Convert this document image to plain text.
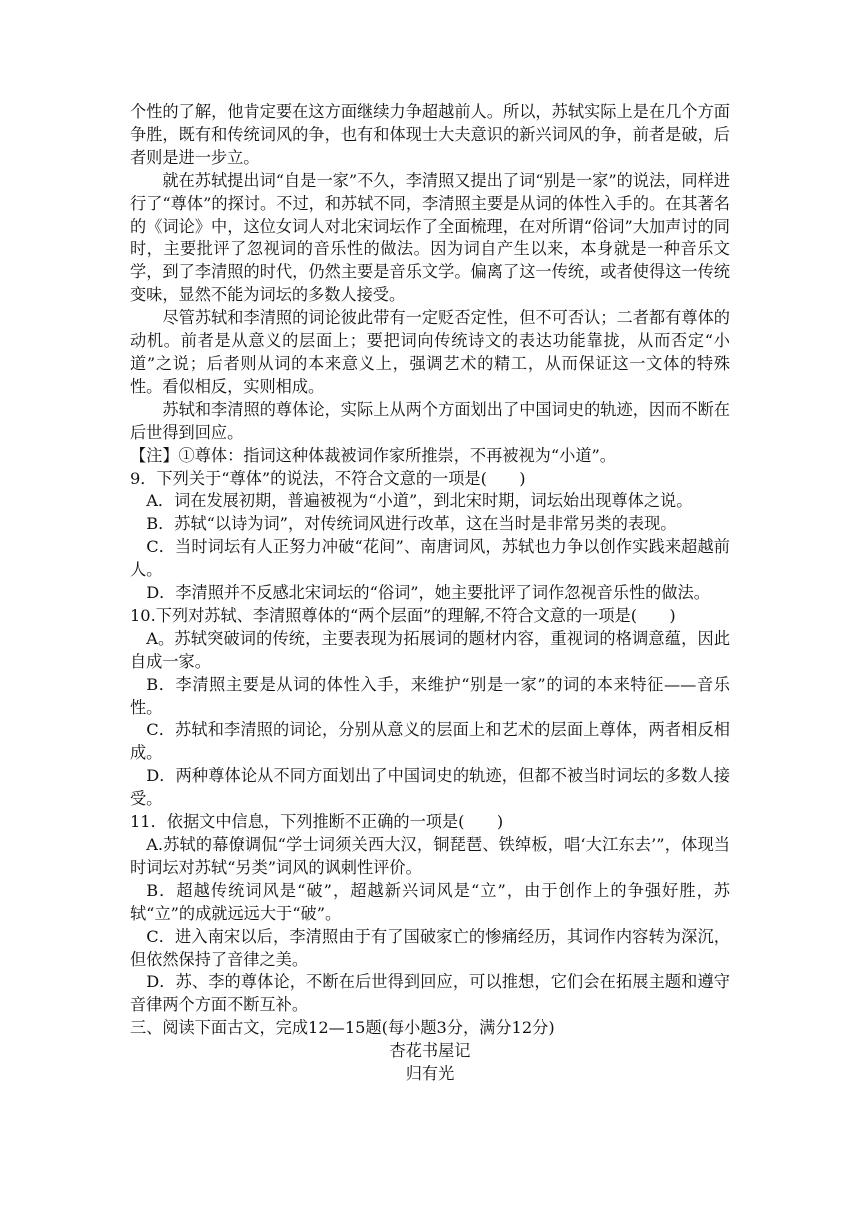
个性的了解，他肯定要在这方面继续力争超越前人。所以，苏轼实际上是在几个方面争胜，既有和传统词风的争，也有和体现士大夫意识的新兴词风的争，前者是破，后者则是进一步立。

就在苏轼提出词“自是一家”不久，李清照又提出了词“别是一家”的说法，同样进行了“尊体”的探讨。不过，和苏轼不同，李清照主要是从词的体性入手的。在其著名的《词论》中，这位女词人对北宋词坛作了全面梳理，在对所谓“俗词”大加声讨的同时，主要批评了忽视词的音乐性的做法。因为词自产生以来，本身就是一种音乐文学，到了李清照的时代，仍然主要是音乐文学。偏离了这一传统，或者使得这一传统变味，显然不能为词坛的多数人接受。

尽管苏轼和李清照的词论彼此带有一定贬否定性，但不可否认；二者都有尊体的动机。前者是从意义的层面上；要把词向传统诗文的表达功能靠拢，从而否定“小道”之说；后者则从词的本来意义上，强调艺术的精工，从而保证这一文体的特殊性。看似相反，实则相成。

苏轼和李清照的尊体论，实际上从两个方面划出了中国词史的轨迹，因而不断在后世得到回应。

【注】①尊体：指词这种体裁被词作家所推崇，不再被视为“小道”。

9．下列关于“尊体”的说法，不符合文意的一项是(　　)

A．词在发展初期，普遍被视为“小道”，到北宋时期，词坛始出现尊体之说。

B．苏轼“以诗为词”，对传统词风进行改革，这在当时是非常另类的表现。

C．当时词坛有人正努力冲破“花间”、南唐词风，苏轼也力争以创作实践来超越前人。

D．李清照并不反感北宋词坛的“俗词”，她主要批评了词作忽视音乐性的做法。

10.下列对苏轼、李清照尊体的“两个层面”的理解,不符合文意的一项是(　　)

A。苏轼突破词的传统，主要表现为拓展词的题材内容，重视词的格调意蕴，因此自成一家。

B．李清照主要是从词的体性入手，来维护“别是一家”的词的本来特征——音乐性。

C．苏轼和李清照的词论，分别从意义的层面上和艺术的层面上尊体，两者相反相成。

D．两种尊体论从不同方面划出了中国词史的轨迹，但都不被当时词坛的多数人接受。

11．依据文中信息，下列推断不正确的一项是(　　)

A.苏轼的幕僚调侃“学士词须关西大汉，铜琵琶、铁绰板，唱‘大江东去’”，体现当时词坛对苏轼“另类”词风的讽刺性评价。

B．超越传统词风是“破”，超越新兴词风是“立”，由于创作上的争强好胜，苏轼“立”的成就远远大于“破”。

C．进入南宋以后，李清照由于有了国破家亡的惨痛经历，其词作内容转为深沉，但依然保持了音律之美。

D．苏、李的尊体论，不断在后世得到回应，可以推想，它们会在拓展主题和遵守音律两个方面不断互补。

三、阅读下面古文，完成12—15题(每小题3分，满分12分)

杏花书屋记

归有光
